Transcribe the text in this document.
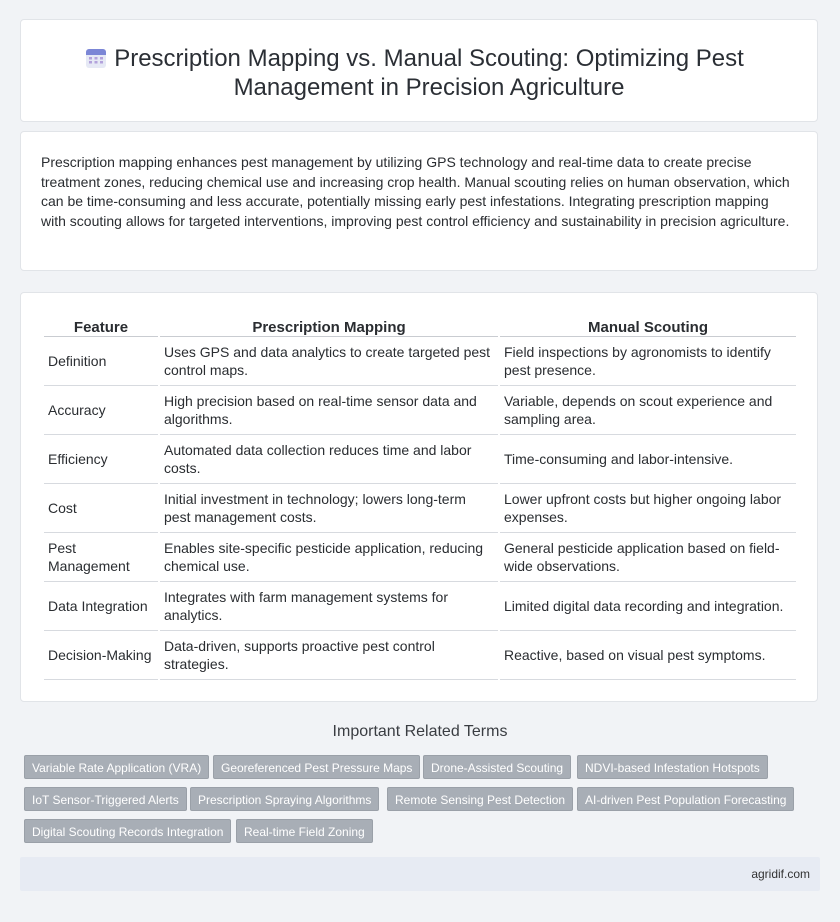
Prescription Mapping vs. Manual Scouting: Optimizing Pest Management in Precision Agriculture
Prescription mapping enhances pest management by utilizing GPS technology and real-time data to create precise treatment zones, reducing chemical use and increasing crop health. Manual scouting relies on human observation, which can be time-consuming and less accurate, potentially missing early pest infestations. Integrating prescription mapping with scouting allows for targeted interventions, improving pest control efficiency and sustainability in precision agriculture.
Feature	Prescription Mapping	Manual Scouting
Definition	Uses GPS and data analytics to create targeted pest control maps.	Field inspections by agronomists to identify pest presence.
Accuracy	High precision based on real-time sensor data and algorithms.	Variable, depends on scout experience and sampling area.
Efficiency	Automated data collection reduces time and labor costs.	Time-consuming and labor-intensive.
Cost	Initial investment in technology; lowers long-term pest management costs.	Lower upfront costs but higher ongoing labor expenses.
Pest Management	Enables site-specific pesticide application, reducing chemical use.	General pesticide application based on field-wide observations.
Data Integration	Integrates with farm management systems for analytics.	Limited digital data recording and integration.
Decision-Making	Data-driven, supports proactive pest control strategies.	Reactive, based on visual pest symptoms.
Important Related Terms
Variable Rate Application (VRA)	Georeferenced Pest Pressure Maps	Drone-Assisted Scouting	NDVI-based Infestation Hotspots
IoT Sensor-Triggered Alerts	Prescription Spraying Algorithms	Remote Sensing Pest Detection	AI-driven Pest Population Forecasting
Digital Scouting Records Integration	Real-time Field Zoning
agridif.com
